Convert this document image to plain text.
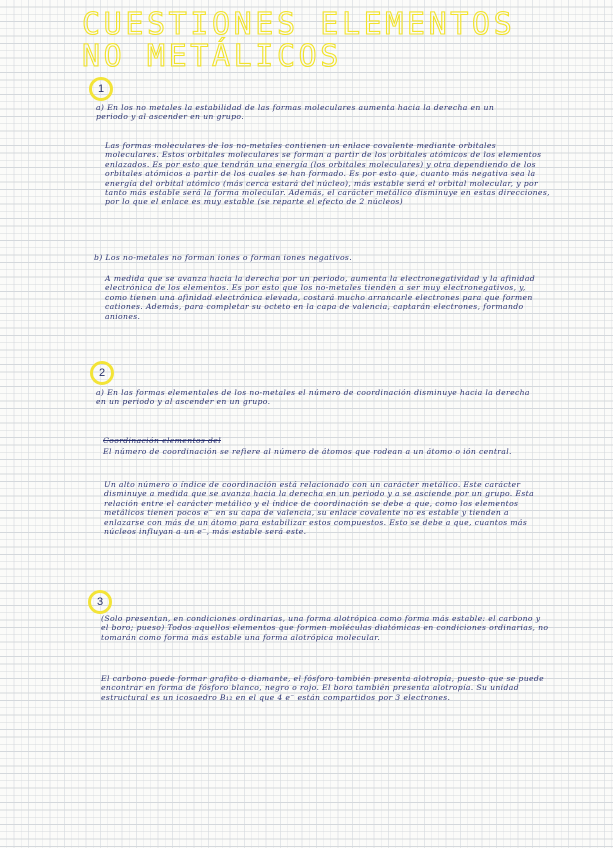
CUESTIONES ELEMENTOS
NO METÁLICOS
1

a) En los no metales la estabilidad de las formas moleculares aumenta hacia la derecha en un periodo y al ascender en un grupo.

Las formas moleculares de los no-metales contienen un enlace covalente mediante orbitales moleculares. Estos orbitales moleculares se forman a partir de los orbitales atómicos de los elementos enlazados. Es por esto que tendrán una energía (los orbitales moleculares) y otra dependiendo de los orbitales atómicos a partir de los cuales se han formado. Es por esto que, cuanto más negativa sea la energía del orbital atómico (más cerca estará del núcleo), más estable será el orbital molecular, y por tanto más estable será la forma molecular. Además, el carácter metálico disminuye en estas direcciones, por lo que el enlace es muy estable (se reparte el efecto de 2 núcleos)

b) Los no-metales no forman iones o forman iones negativos.

A medida que se avanza hacia la derecha por un periodo, aumenta la electronegatividad y la afinidad electrónica de los elementos. Es por esto que los no-metales tienden a ser muy electronegativos, y, como tienen una afinidad electrónica elevada, costará mucho arrancarle electrones para que formen cationes. Además, para completar su octeto en la capa de valencia, captarán electrones, formando aniones.

2

a) En las formas elementales de los no-metales el número de coordinación disminuye hacia la derecha en un periodo y al ascender en un grupo.

Coordinación elementos del

El número de coordinación se refiere al número de átomos que rodean a un átomo o ión central.

Un alto número o índice de coordinación está relacionado con un carácter metálico. Este carácter disminuye a medida que se avanza hacia la derecha en un periodo y a se asciende por un grupo. Esta relación entre el carácter metálico y el índice de coordinación se debe a que, como los elementos metálicos tienen pocos e⁻ en su capa de valencia, su enlace covalente no es estable y tienden a enlazarse con más de un átomo para estabilizar estos compuestos. Esto se debe a que, cuantos más núcleos influyan a un e⁻, más estable será este.

3

(Solo presentan, en condiciones ordinarias, una forma alotrópica como forma más estable: el carbono y el boro; pueso) Todos aquellos elementos que formen moléculas diatómicas en condiciones ordinarias, no tomarán como forma más estable una forma alotrópica molecular.

El carbono puede formar grafito o diamante, el fósforo también presenta alotropía, puesto que se puede encontrar en forma de fósforo blanco, negro o rojo. El boro también presenta alotropía. Su unidad estructural es un icosaedro B₁₂ en el que 4 e⁻ están compartidos por 3 electrones.
